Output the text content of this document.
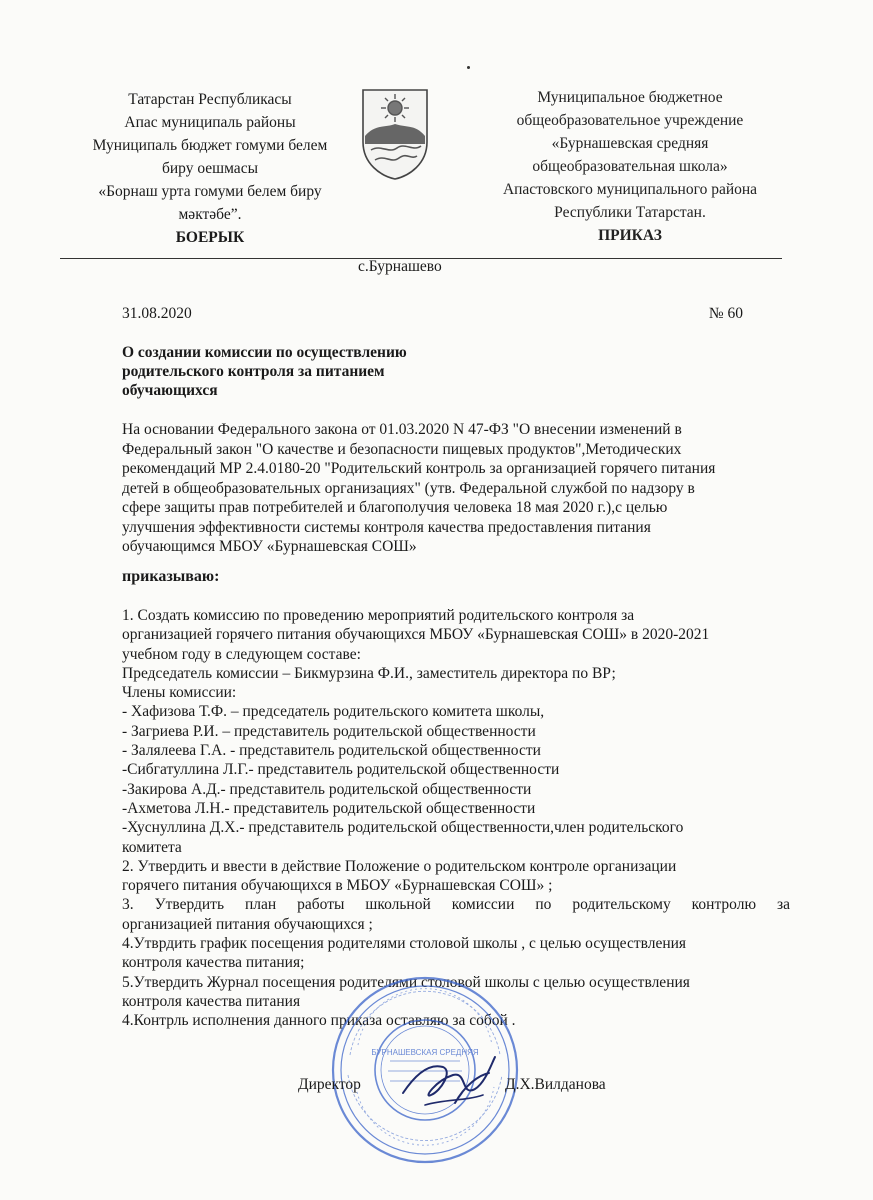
Татарстан Республикасы
Апас муниципаль районы
Муниципаль бюджет гомуми белем
биру оешмасы
«Борнаш урта гомуми белем биру
мәктәбе”.
БОЕРЫК
Муниципальное бюджетное
общеобразовательное учреждение
«Бурнашевская средняя
общеобразовательная школа»
Апастовского муниципального района
Республики Татарстан.
ПРИКАЗ
с.Бурнашево
31.08.2020	№ 60
О создании комиссии по осуществлению
родительского контроля за питанием
обучающихся
На основании Федерального закона от 01.03.2020 N 47-ФЗ "О внесении изменений в
Федеральный закон "О качестве и безопасности пищевых продуктов",Методических
рекомендаций МР 2.4.0180-20 "Родительский контроль за организацией горячего питания
детей в общеобразовательных организациях" (утв. Федеральной службой по надзору в
сфере защиты прав потребителей и благополучия человека 18 мая 2020 г.),с целью
улучшения эффективности системы контроля качества предоставления питания
обучающимся МБОУ «Бурнашевская СОШ»
приказываю:
1. Создать комиссию по проведению мероприятий родительского контроля за
организацией горячего питания обучающихся МБОУ «Бурнашевская СОШ» в 2020-2021
учебном году в следующем составе:
Председатель комиссии – Бикмурзина Ф.И., заместитель директора по ВР;
Члены комиссии:
- Хафизова Т.Ф. – председатель родительского комитета школы,
- Загриева Р.И. – представитель родительской общественности
- Залялеева Г.А. - представитель родительской общественности
-Сибгатуллина Л.Г.- представитель родительской общественности
-Закирова А.Д.- представитель родительской общественности
-Ахметова Л.Н.- представитель родительской общественности
-Хуснуллина Д.Х.- представитель родительской общественности,член родительского
комитета
2. Утвердить и ввести в действие Положение о родительском контроле организации
горячего питания обучающихся в МБОУ «Бурнашевская СОШ» ;
3. Утвердить план работы школьной комиссии по родительскому контролю за
организацией питания обучающихся ;
4.Утврдить график посещения родителями столовой школы , с целью осуществления
контроля качества питания;
5.Утвердить Журнал посещения родителями столовой школы с целью осуществления
контроля качества питания
4.Контрль исполнения данного приказа оставляю за собой .
БУРНАШЕВСКАЯ СРЕДНЯЯ
Директор	Д.Х.Вилданова
